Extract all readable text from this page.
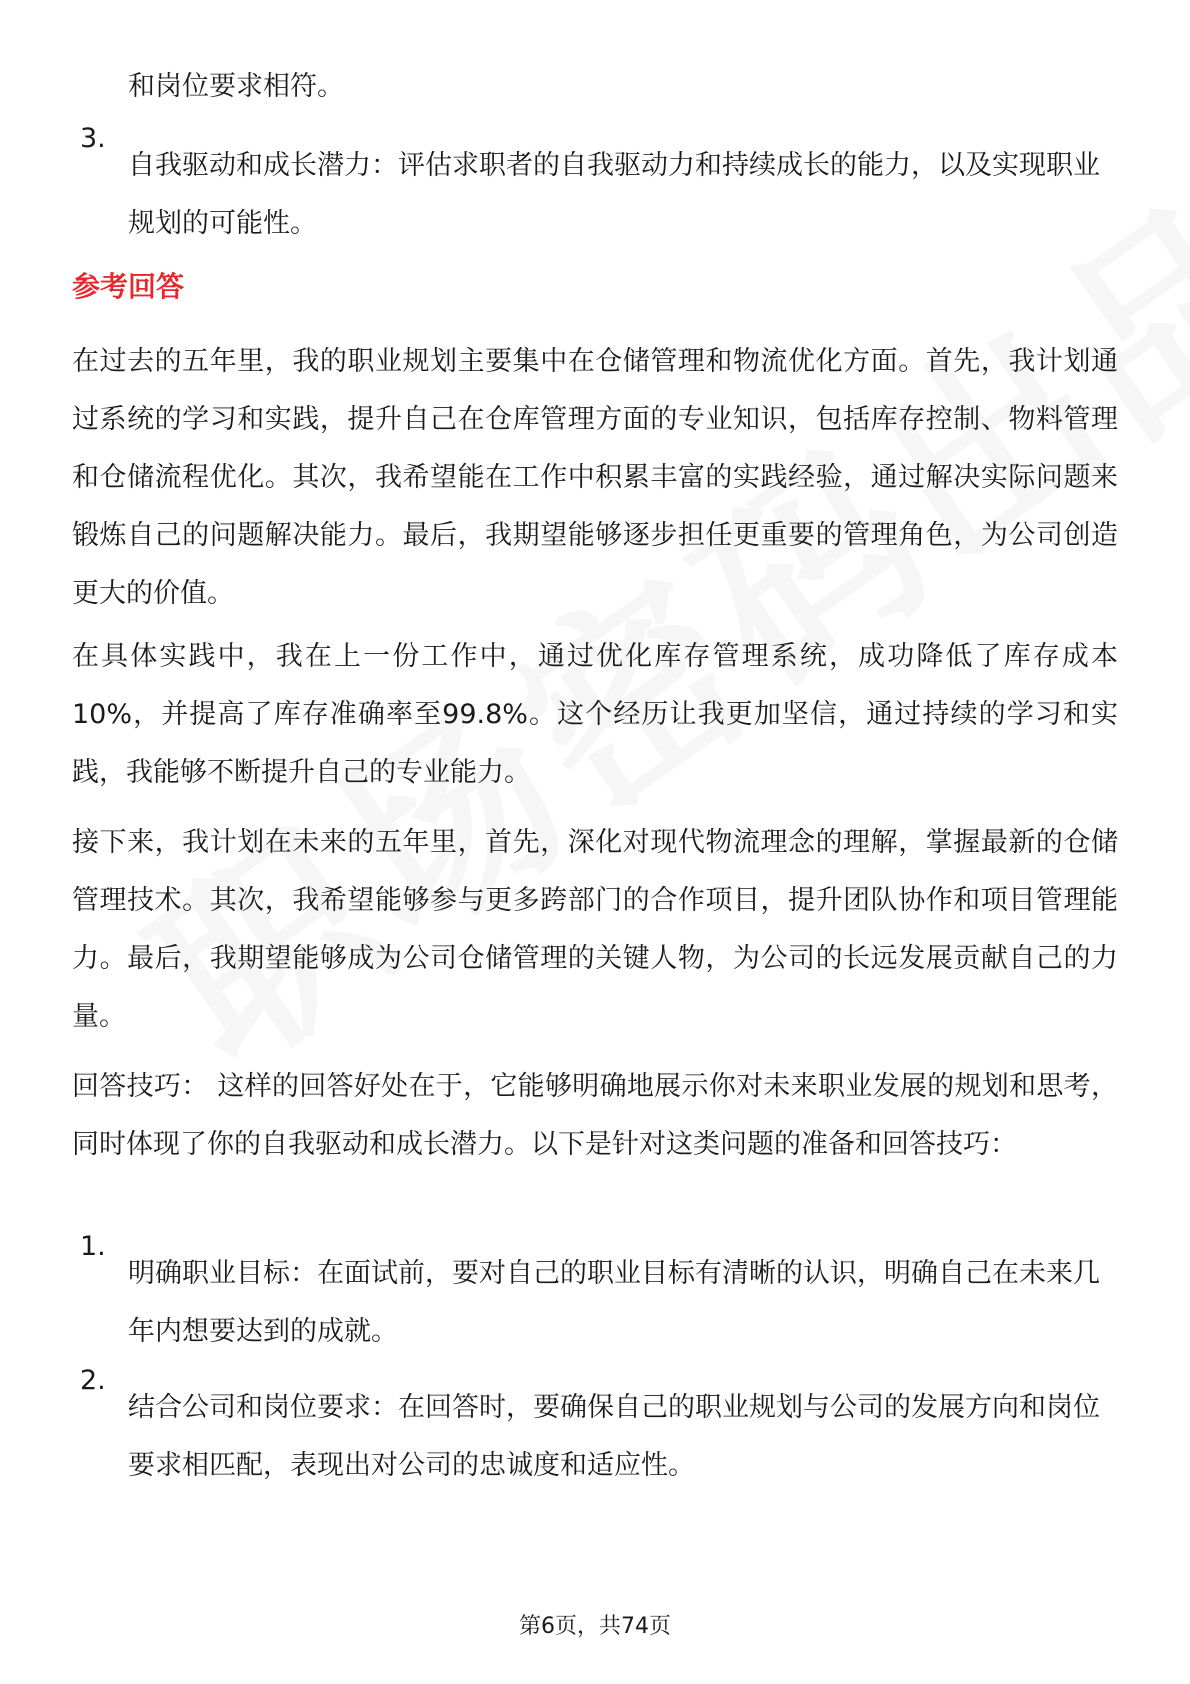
和岗位要求相符。

3.

自我驱动和成长潜力：评估求职者的自我驱动力和持续成长的能力，以及实现职业规划的可能性。

参考回答

在过去的五年里，我的职业规划主要集中在仓储管理和物流优化方面。首先，我计划通过系统的学习和实践，提升自己在仓库管理方面的专业知识，包括库存控制、物料管理和仓储流程优化。其次，我希望能在工作中积累丰富的实践经验，通过解决实际问题来锻炼自己的问题解决能力。最后，我期望能够逐步担任更重要的管理角色，为公司创造更大的价值。

在具体实践中，我在上一份工作中，通过优化库存管理系统，成功降低了库存成本10%，并提高了库存准确率至99.8%。这个经历让我更加坚信，通过持续的学习和实践，我能够不断提升自己的专业能力。

接下来，我计划在未来的五年里，首先，深化对现代物流理念的理解，掌握最新的仓储管理技术。其次，我希望能够参与更多跨部门的合作项目，提升团队协作和项目管理能力。最后，我期望能够成为公司仓储管理的关键人物，为公司的长远发展贡献自己的力量。

回答技巧： 这样的回答好处在于，它能够明确地展示你对未来职业发展的规划和思考，同时体现了你的自我驱动和成长潜力。以下是针对这类问题的准备和回答技巧：

1.

明确职业目标：在面试前，要对自己的职业目标有清晰的认识，明确自己在未来几年内想要达到的成就。

2.

结合公司和岗位要求：在回答时，要确保自己的职业规划与公司的发展方向和岗位要求相匹配，表现出对公司的忠诚度和适应性。

第6页，共74页
